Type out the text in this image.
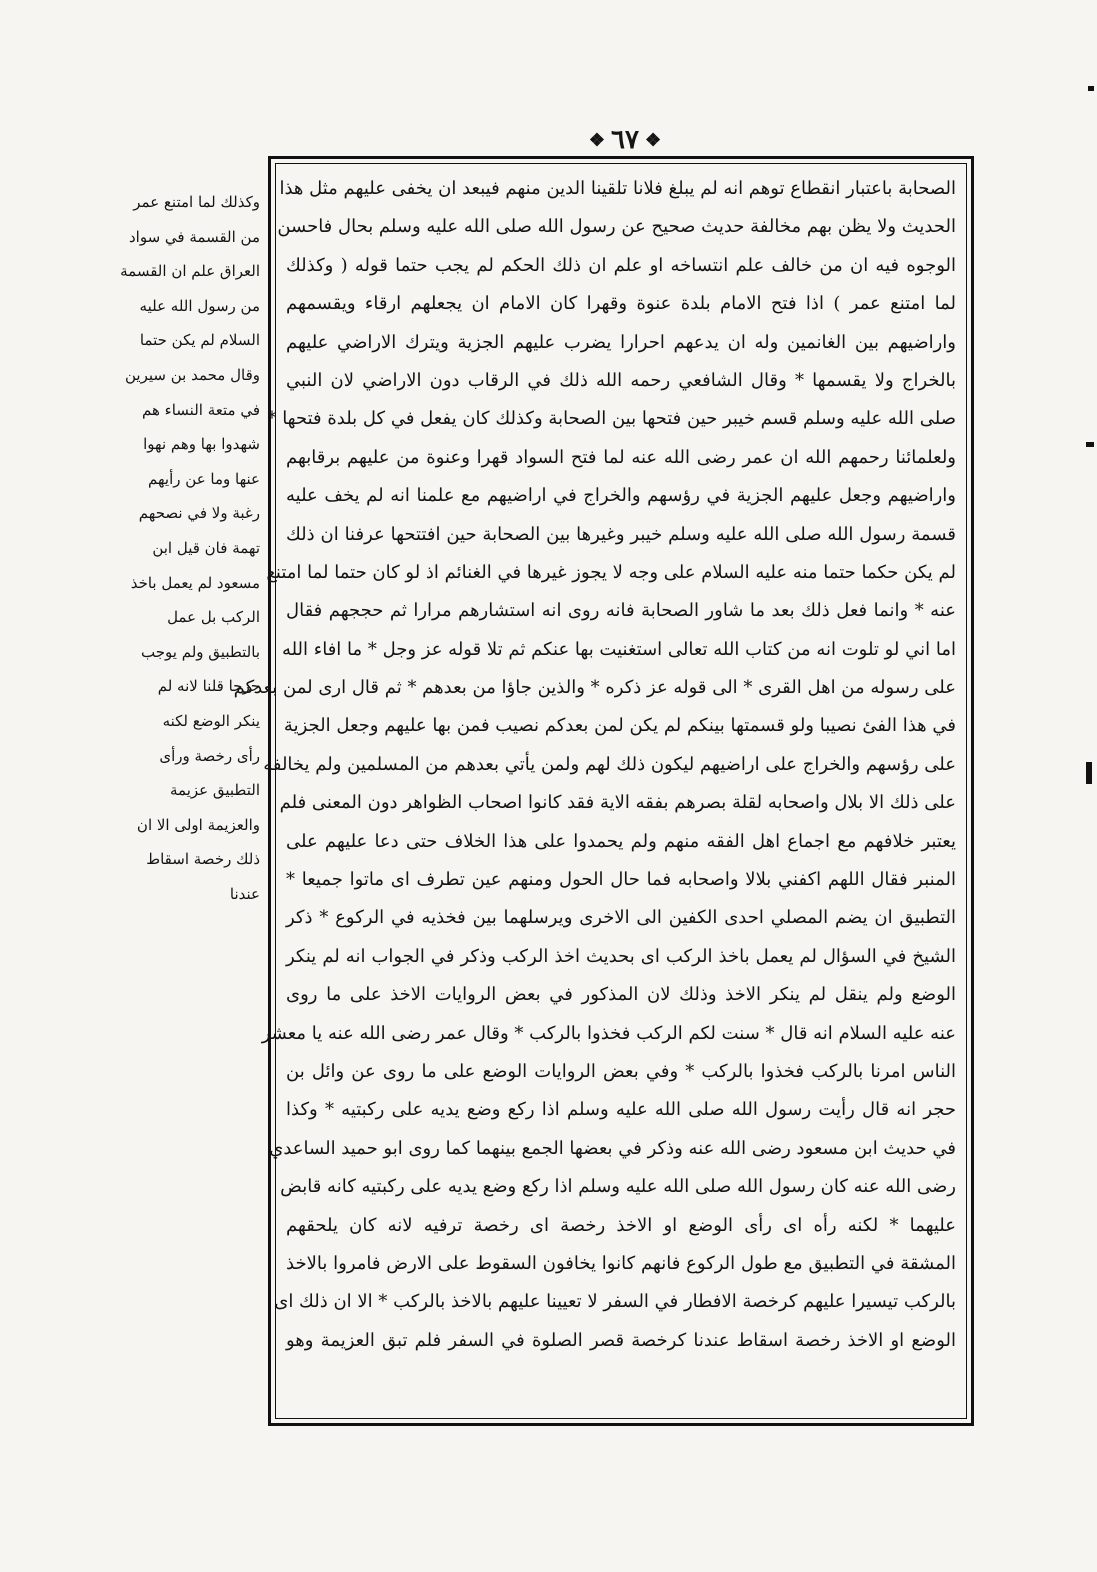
❖
٦٧
❖
الصحابة باعتبار انقطاع توهم انه لم يبلغ فلانا تلقينا الدين منهم فيبعد ان يخفى عليهم مثل هذا
الحديث ولا يظن بهم مخالفة حديث صحيح عن رسول الله صلى الله عليه وسلم بحال فاحسن
الوجوه فيه ان من خالف علم انتساخه او علم ان ذلك الحكم لم يجب حتما قوله ( وكذلك
لما امتنع عمر ) اذا فتح الامام بلدة عنوة وقهرا كان الامام ان يجعلهم ارقاء ويقسمهم
واراضيهم بين الغانمين وله ان يدعهم احرارا يضرب عليهم الجزية ويترك الاراضي عليهم
بالخراج ولا يقسمها * وقال الشافعي رحمه الله ذلك في الرقاب دون الاراضي لان النبي
صلى الله عليه وسلم قسم خيبر حين فتحها بين الصحابة وكذلك كان يفعل في كل بلدة فتحها *
ولعلمائنا رحمهم الله ان عمر رضى الله عنه لما فتح السواد قهرا وعنوة من عليهم برقابهم
واراضيهم وجعل عليهم الجزية في رؤسهم والخراج في اراضيهم مع علمنا انه لم يخف عليه
قسمة رسول الله صلى الله عليه وسلم خيبر وغيرها بين الصحابة حين افتتحها عرفنا ان ذلك
لم يكن حكما حتما منه عليه السلام على وجه لا يجوز غيرها في الغنائم اذ لو كان حتما لما امتنع
عنه * وانما فعل ذلك بعد ما شاور الصحابة فانه روى انه استشارهم مرارا ثم حججهم فقال
اما اني لو تلوت انه من كتاب الله تعالى استغنيت بها عنكم ثم تلا قوله عز وجل * ما افاء الله
على رسوله من اهل القرى * الى قوله عز ذكره * والذين جاؤا من بعدهم * ثم قال ارى لمن بعدكم
في هذا الفئ نصيبا ولو قسمتها بينكم لم يكن لمن بعدكم نصيب فمن بها عليهم وجعل الجزية
على رؤسهم والخراج على اراضيهم ليكون ذلك لهم ولمن يأتي بعدهم من المسلمين ولم يخالفه
على ذلك الا بلال واصحابه لقلة بصرهم بفقه الاية فقد كانوا اصحاب الظواهر دون المعنى فلم
يعتبر خلافهم مع اجماع اهل الفقه منهم ولم يحمدوا على هذا الخلاف حتى دعا عليهم على
المنبر فقال اللهم اكفني بلالا واصحابه فما حال الحول ومنهم عين تطرف اى ماتوا جميعا *
التطبيق ان يضم المصلي احدى الكفين الى الاخرى ويرسلهما بين فخذيه في الركوع * ذكر
الشيخ في السؤال لم يعمل باخذ الركب اى بحديث اخذ الركب وذكر في الجواب انه لم ينكر
الوضع ولم ينقل لم ينكر الاخذ وذلك لان المذكور في بعض الروايات الاخذ على ما روى
عنه عليه السلام انه قال * سنت لكم الركب فخذوا بالركب * وقال عمر رضى الله عنه يا معشر
الناس امرنا بالركب فخذوا بالركب * وفي بعض الروايات الوضع على ما روى عن وائل بن
حجر انه قال رأيت رسول الله صلى الله عليه وسلم اذا ركع وضع يديه على ركبتيه * وكذا
في حديث ابن مسعود رضى الله عنه وذكر في بعضها الجمع بينهما كما روى ابو حميد الساعدي
رضى الله عنه كان رسول الله صلى الله عليه وسلم اذا ركع وضع يديه على ركبتيه كانه قابض
عليهما * لكنه رأه اى رأى الوضع او الاخذ رخصة اى رخصة ترفيه لانه كان يلحقهم
المشقة في التطبيق مع طول الركوع فانهم كانوا يخافون السقوط على الارض فامروا بالاخذ
بالركب تيسيرا عليهم كرخصة الافطار في السفر لا تعيينا عليهم بالاخذ بالركب * الا ان ذلك اى
الوضع او الاخذ رخصة اسقاط عندنا كرخصة قصر الصلوة في السفر فلم تبق العزيمة وهو
وكذلك لما امتنع عمر
من القسمة في سواد
العراق علم ان القسمة
من رسول الله عليه
السلام لم يكن حتما
وقال محمد بن سيرين
في متعة النساء هم
شهدوا بها وهم نهوا
عنها وما عن رأيهم
رغبة ولا في نصحهم
تهمة فان قيل ابن
مسعود لم يعمل باخذ
الركب بل عمل
بالتطبيق ولم يوجب
جرحا قلنا لانه لم
ينكر الوضع لكنه
رأى رخصة ورأى
التطبيق عزيمة
والعزيمة اولى الا ان
ذلك رخصة اسقاط
عندنا
